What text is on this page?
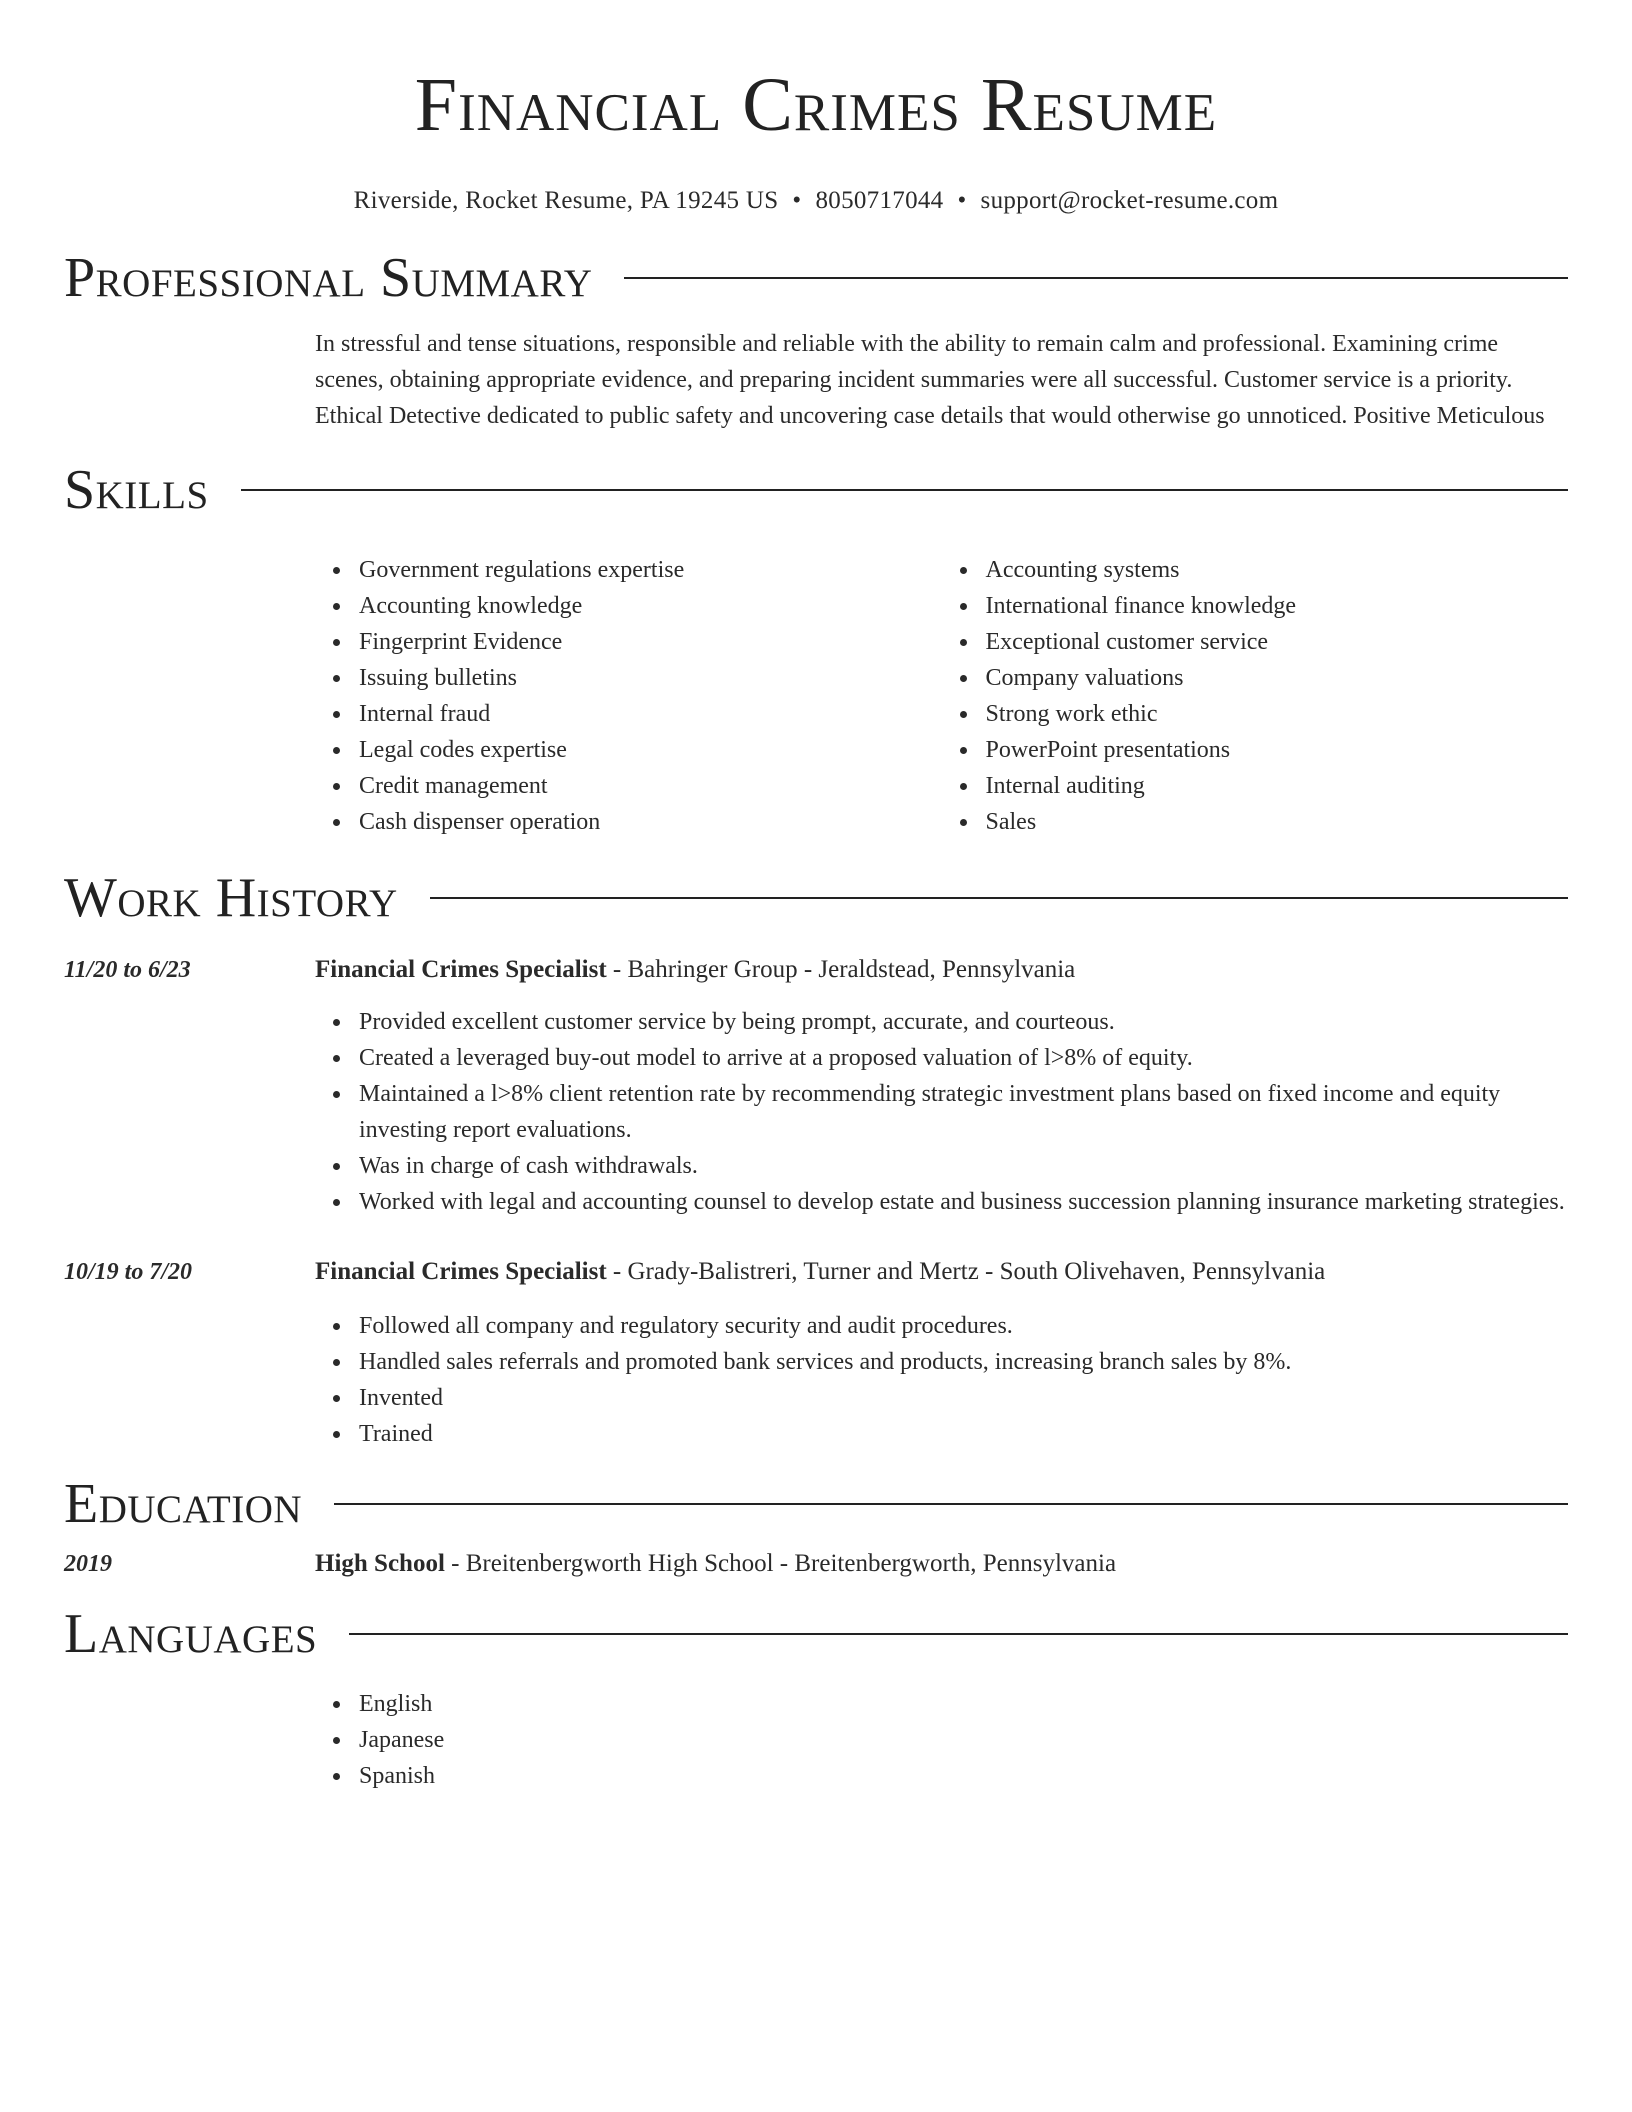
Financial Crimes Resume
Riverside, Rocket Resume, PA 19245 US • 8050717044 • support@rocket-resume.com
Professional Summary

In stressful and tense situations, responsible and reliable with the ability to remain calm and professional. Examining crime scenes, obtaining appropriate evidence, and preparing incident summaries were all successful. Customer service is a priority. Ethical Detective dedicated to public safety and uncovering case details that would otherwise go unnoticed. Positive Meticulous

Skills
Government regulations expertise
Accounting knowledge
Fingerprint Evidence
Issuing bulletins
Internal fraud
Legal codes expertise
Credit management
Cash dispenser operation
Accounting systems
International finance knowledge
Exceptional customer service
Company valuations
Strong work ethic
PowerPoint presentations
Internal auditing
Sales
Work History
11/20 to 6/23	Financial Crimes Specialist - Bahringer Group - Jeraldstead, Pennsylvania
Provided excellent customer service by being prompt, accurate, and courteous.
Created a leveraged buy-out model to arrive at a proposed valuation of l>8% of equity.
Maintained a l>8% client retention rate by recommending strategic investment plans based on fixed income and equity investing report evaluations.
Was in charge of cash withdrawals.
Worked with legal and accounting counsel to develop estate and business succession planning insurance marketing strategies.
10/19 to 7/20	Financial Crimes Specialist - Grady-Balistreri, Turner and Mertz - South Olivehaven, Pennsylvania
Followed all company and regulatory security and audit procedures.
Handled sales referrals and promoted bank services and products, increasing branch sales by 8%.
Invented
Trained
Education
2019	High School - Breitenbergworth High School - Breitenbergworth, Pennsylvania
Languages
English
Japanese
Spanish
